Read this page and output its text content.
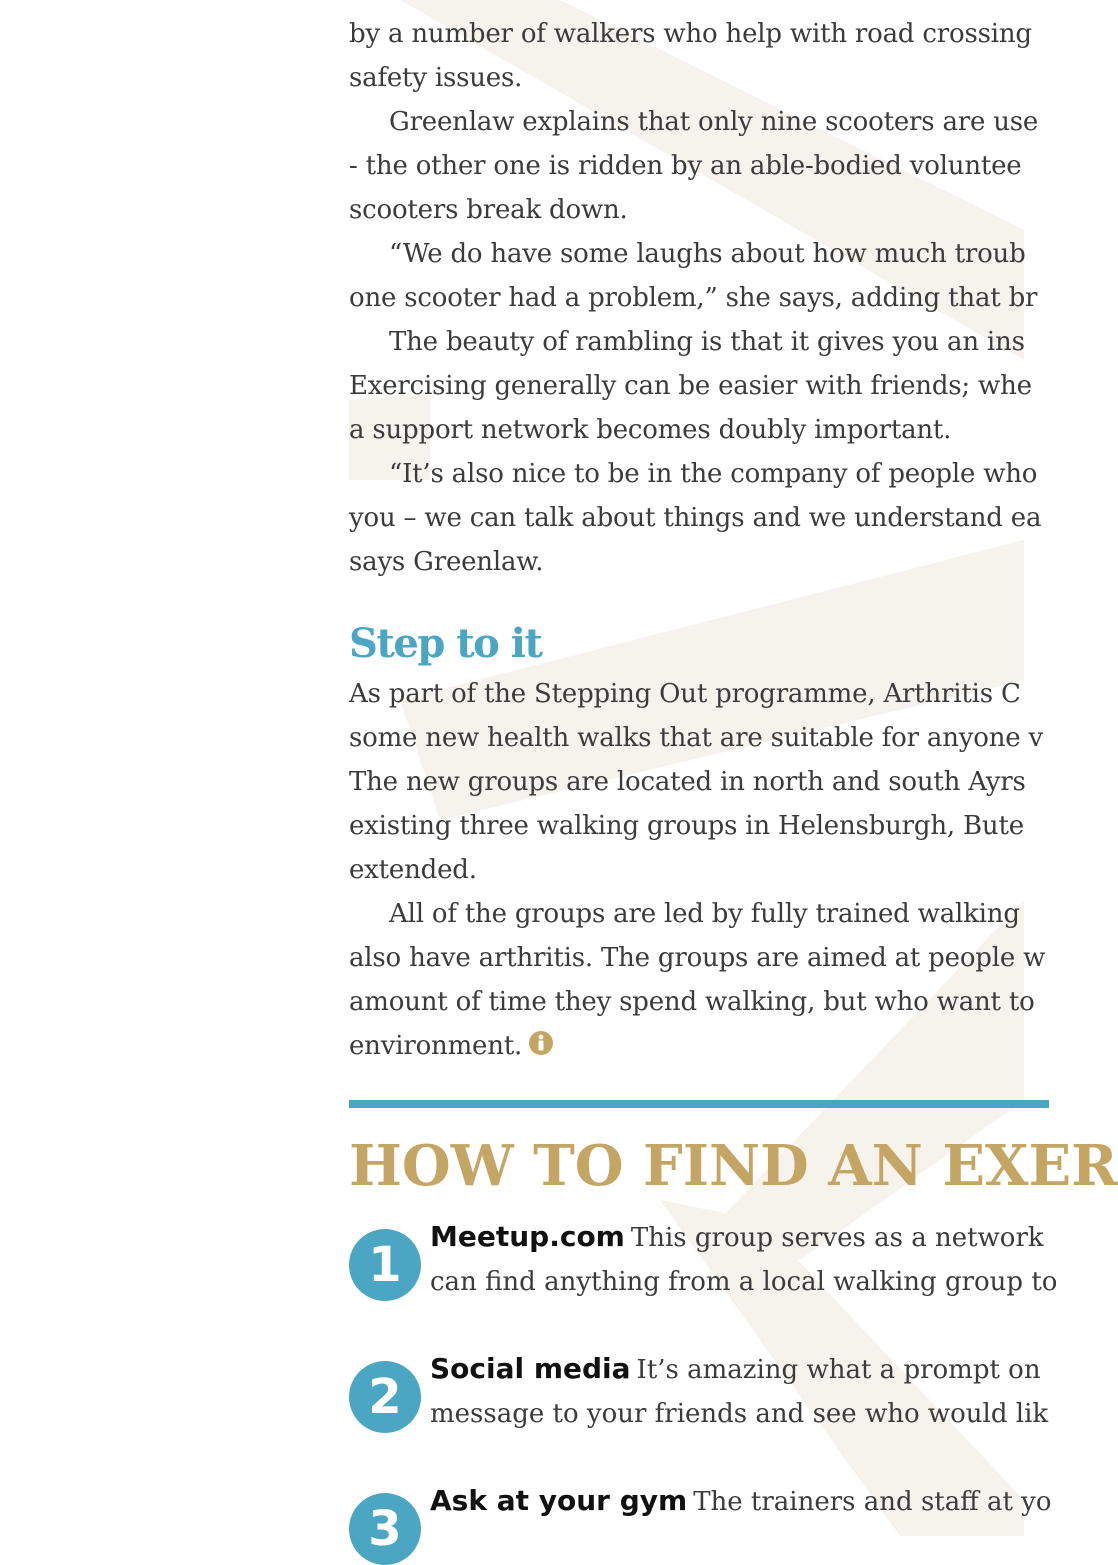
by a number of walkers who help with road crossing
safety issues.
Greenlaw explains that only nine scooters are use
- the other one is ridden by an able-bodied voluntee
scooters break down.
“We do have some laughs about how much troub
one scooter had a problem,” she says, adding that br
The beauty of rambling is that it gives you an ins
Exercising generally can be easier with friends; whe
a support network becomes doubly important.
“It’s also nice to be in the company of people who
you – we can talk about things and we understand ea
says Greenlaw.
Step to it
As part of the Stepping Out programme, Arthritis C
some new health walks that are suitable for anyone v
The new groups are located in north and south Ayrs
existing three walking groups in Helensburgh, Bute
extended.
All of the groups are led by fully trained walking
also have arthritis. The groups are aimed at people w
amount of time they spend walking, but who want to
environment.
HOW TO FIND AN EXER
1
Meetup.com This group serves as a network
can find anything from a local walking group to
2
Social media It’s amazing what a prompt on
message to your friends and see who would lik
3
Ask at your gym The trainers and staff at yo
